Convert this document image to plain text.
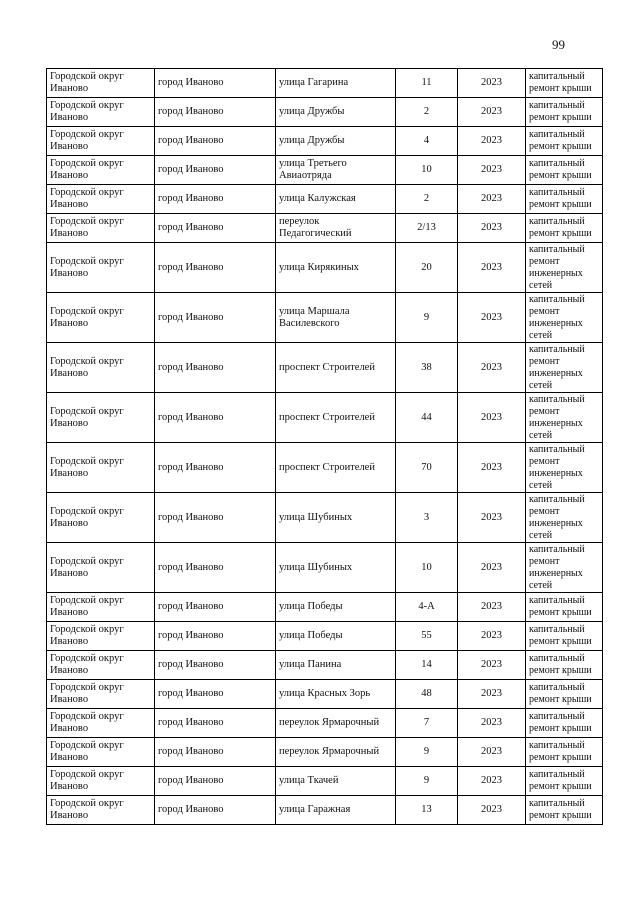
99
Городской округ Иваново	город Иваново	улица Гагарина	11	2023	капитальный ремонт крыши
Городской округ Иваново	город Иваново	улица Дружбы	2	2023	капитальный ремонт крыши
Городской округ Иваново	город Иваново	улица Дружбы	4	2023	капитальный ремонт крыши
Городской округ Иваново	город Иваново	улица Третьего Авиаотряда	10	2023	капитальный ремонт крыши
Городской округ Иваново	город Иваново	улица Калужская	2	2023	капитальный ремонт крыши
Городской округ Иваново	город Иваново	переулок Педагогический	2/13	2023	капитальный ремонт крыши
Городской округ Иваново	город Иваново	улица Кирякиных	20	2023	капитальный ремонт инженерных сетей
Городской округ Иваново	город Иваново	улица Маршала Василевского	9	2023	капитальный ремонт инженерных сетей
Городской округ Иваново	город Иваново	проспект Строителей	38	2023	капитальный ремонт инженерных сетей
Городской округ Иваново	город Иваново	проспект Строителей	44	2023	капитальный ремонт инженерных сетей
Городской округ Иваново	город Иваново	проспект Строителей	70	2023	капитальный ремонт инженерных сетей
Городской округ Иваново	город Иваново	улица Шубиных	3	2023	капитальный ремонт инженерных сетей
Городской округ Иваново	город Иваново	улица Шубиных	10	2023	капитальный ремонт инженерных сетей
Городской округ Иваново	город Иваново	улица Победы	4-А	2023	капитальный ремонт крыши
Городской округ Иваново	город Иваново	улица Победы	55	2023	капитальный ремонт крыши
Городской округ Иваново	город Иваново	улица Панина	14	2023	капитальный ремонт крыши
Городской округ Иваново	город Иваново	улица Красных Зорь	48	2023	капитальный ремонт крыши
Городской округ Иваново	город Иваново	переулок Ярмарочный	7	2023	капитальный ремонт крыши
Городской округ Иваново	город Иваново	переулок Ярмарочный	9	2023	капитальный ремонт крыши
Городской округ Иваново	город Иваново	улица Ткачей	9	2023	капитальный ремонт крыши
Городской округ Иваново	город Иваново	улица Гаражная	13	2023	капитальный ремонт крыши
